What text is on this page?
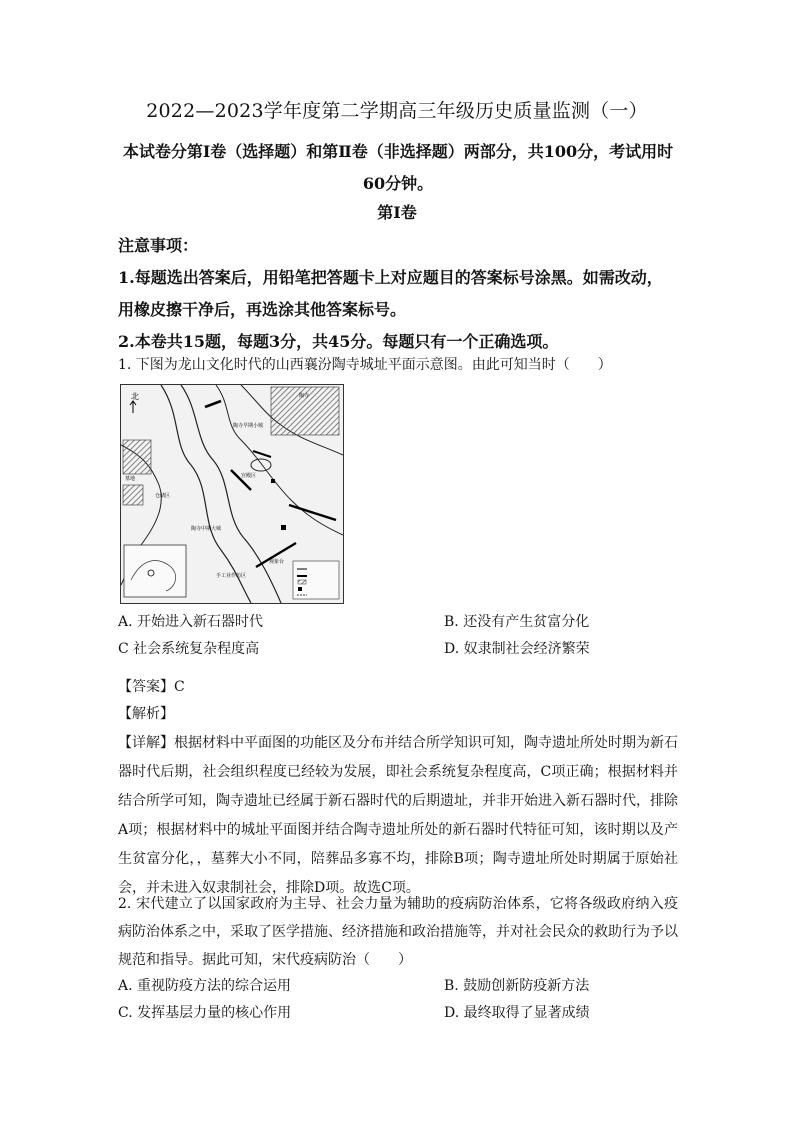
2022—2023学年度第二学期高三年级历史质量监测（一）
本试卷分第Ⅰ卷（选择题）和第Ⅱ卷（非选择题）两部分，共100分，考试用时60分钟。
第Ⅰ卷

注意事项：

1.每题选出答案后，用铅笔把答题卡上对应题目的答案标号涂黑。如需改动，用橡皮擦干净后，再选涂其他答案标号。

2.本卷共15题，每题3分，共45分。每题只有一个正确选项。

1. 下图为龙山文化时代的山西襄汾陶寺城址平面示意图。由此可知当时（　　）

北
陶寺早期小城
陶寺中期大城
陶寺
宫殿区
墓地
仓储区
手工业作坊区
观象台
A. 开始进入新石器时代	B. 还没有产生贫富分化
C 社会系统复杂程度高	D. 奴隶制社会经济繁荣
【答案】C
【解析】
【详解】根据材料中平面图的功能区及分布并结合所学知识可知，陶寺遗址所处时期为新石器时代后期，社会组织程度已经较为发展，即社会系统复杂程度高，C项正确；根据材料并结合所学可知，陶寺遗址已经属于新石器时代的后期遗址，并非开始进入新石器时代，排除A项；根据材料中的城址平面图并结合陶寺遗址所处的新石器时代特征可知，该时期以及产生贫富分化，，墓葬大小不同，陪葬品多寡不均，排除B项；陶寺遗址所处时期属于原始社会，并未进入奴隶制社会，排除D项。故选C项。

2. 宋代建立了以国家政府为主导、社会力量为辅助的疫病防治体系，它将各级政府纳入疫病防治体系之中，采取了医学措施、经济措施和政治措施等，并对社会民众的救助行为予以规范和指导。据此可知，宋代疫病防治（　　）

A. 重视防疫方法的综合运用	B. 鼓励创新防疫新方法
C. 发挥基层力量的核心作用	D. 最终取得了显著成绩
